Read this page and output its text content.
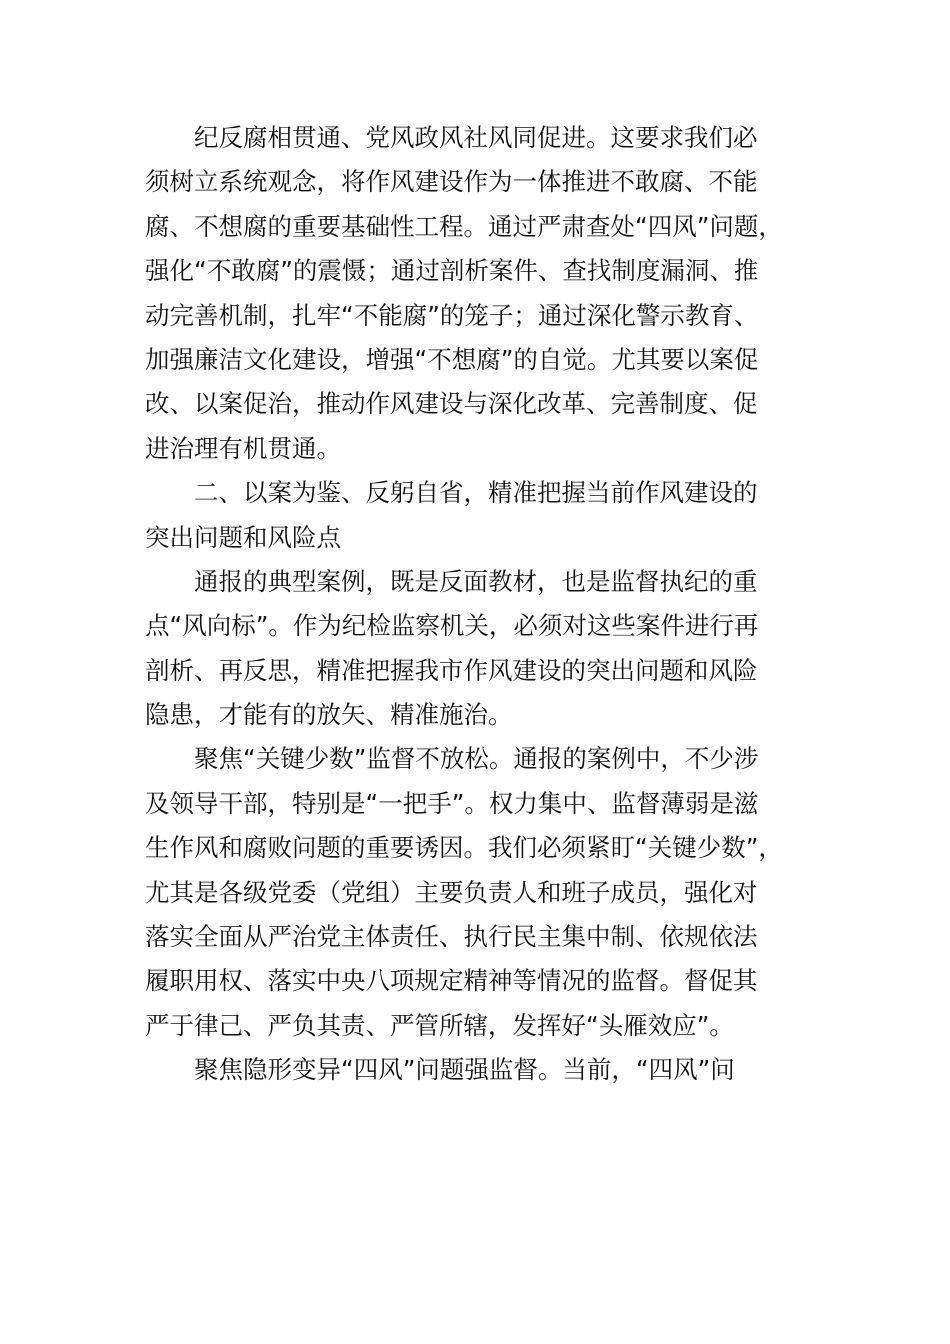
纪反腐相贯通、党风政风社风同促进。这要求我们必
须树立系统观念，将作风建设作为一体推进不敢腐、不能
腐、不想腐的重要基础性工程。通过严肃查处“四风”问题，
强化“不敢腐”的震慑；通过剖析案件、查找制度漏洞、推
动完善机制，扎牢“不能腐”的笼子；通过深化警示教育、
加强廉洁文化建设，增强“不想腐”的自觉。尤其要以案促
改、以案促治，推动作风建设与深化改革、完善制度、促
进治理有机贯通。
二、以案为鉴、反躬自省，精准把握当前作风建设的
突出问题和风险点
通报的典型案例，既是反面教材，也是监督执纪的重
点“风向标”。作为纪检监察机关，必须对这些案件进行再
剖析、再反思，精准把握我市作风建设的突出问题和风险
隐患，才能有的放矢、精准施治。
聚焦“关键少数”监督不放松。通报的案例中，不少涉
及领导干部，特别是“一把手”。权力集中、监督薄弱是滋
生作风和腐败问题的重要诱因。我们必须紧盯“关键少数”，
尤其是各级党委（党组）主要负责人和班子成员，强化对
落实全面从严治党主体责任、执行民主集中制、依规依法
履职用权、落实中央八项规定精神等情况的监督。督促其
严于律己、严负其责、严管所辖，发挥好“头雁效应”。
聚焦隐形变异“四风”问题强监督。当前，“四风”问
